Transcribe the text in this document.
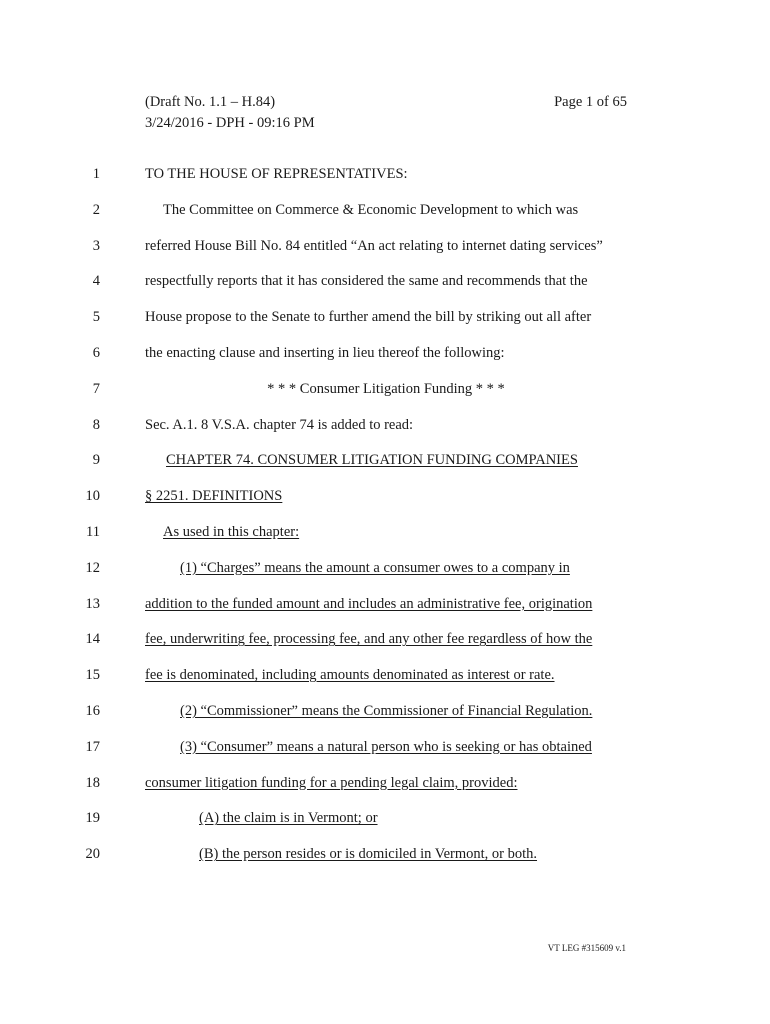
(Draft No. 1.1 – H.84)	Page 1 of 65
3/24/2016 - DPH - 09:16 PM
1	TO THE HOUSE OF REPRESENTATIVES:
2	The Committee on Commerce & Economic Development to which was
3	referred House Bill No. 84 entitled “An act relating to internet dating services”
4	respectfully reports that it has considered the same and recommends that the
5	House propose to the Senate to further amend the bill by striking out all after
6	the enacting clause and inserting in lieu thereof the following:
7	* * * Consumer Litigation Funding * * *
8	Sec. A.1. 8 V.S.A. chapter 74 is added to read:
9	CHAPTER 74. CONSUMER LITIGATION FUNDING COMPANIES
10	§ 2251. DEFINITIONS
11	As used in this chapter:
12	(1) “Charges” means the amount a consumer owes to a company in
13	addition to the funded amount and includes an administrative fee, origination
14	fee, underwriting fee, processing fee, and any other fee regardless of how the
15	fee is denominated, including amounts denominated as interest or rate.
16	(2) “Commissioner” means the Commissioner of Financial Regulation.
17	(3) “Consumer” means a natural person who is seeking or has obtained
18	consumer litigation funding for a pending legal claim, provided:
19	(A) the claim is in Vermont; or
20	(B) the person resides or is domiciled in Vermont, or both.
VT LEG #315609 v.1
